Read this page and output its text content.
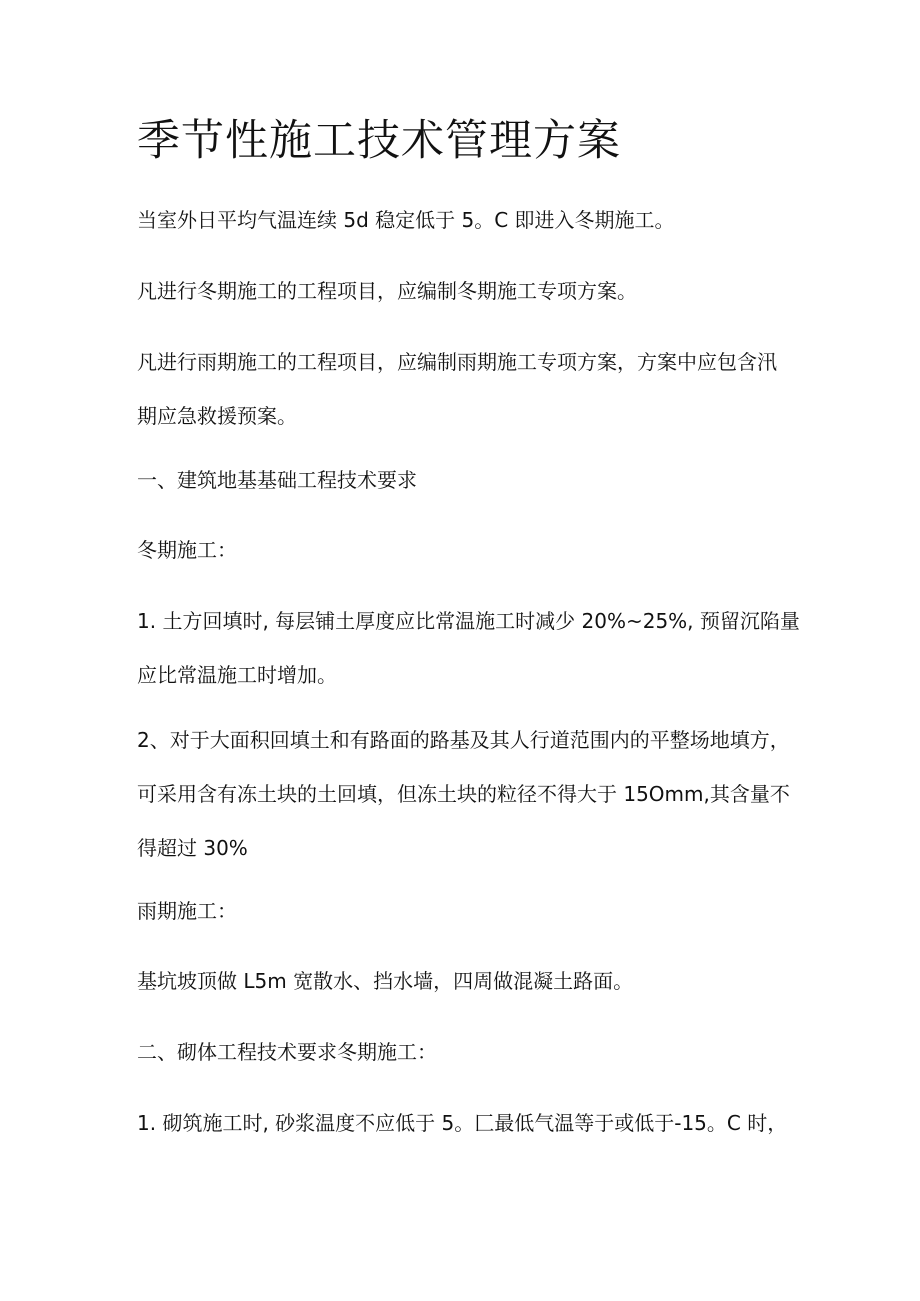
季节性施工技术管理方案

当室外日平均气温连续 5d 稳定低于 5。C 即进入冬期施工。

凡进行冬期施工的工程项目，应编制冬期施工专项方案。

凡进行雨期施工的工程项目，应编制雨期施工专项方案，方案中应包含汛
期应急救援预案。

一、建筑地基基础工程技术要求

冬期施工：

1. 土方回填时, 每层铺土厚度应比常温施工时减少 20%~25%, 预留沉陷量
应比常温施工时增加。

2、对于大面积回填土和有路面的路基及其人行道范围内的平整场地填方，
可采用含有冻土块的土回填，但冻土块的粒径不得大于 15Omm,其含量不
得超过 30%

雨期施工：

基坑坡顶做 L5m 宽散水、挡水墙，四周做混凝土路面。

二、砌体工程技术要求冬期施工：

1. 砌筑施工时, 砂浆温度不应低于 5。匚最低气温等于或低于-15。C 时，
